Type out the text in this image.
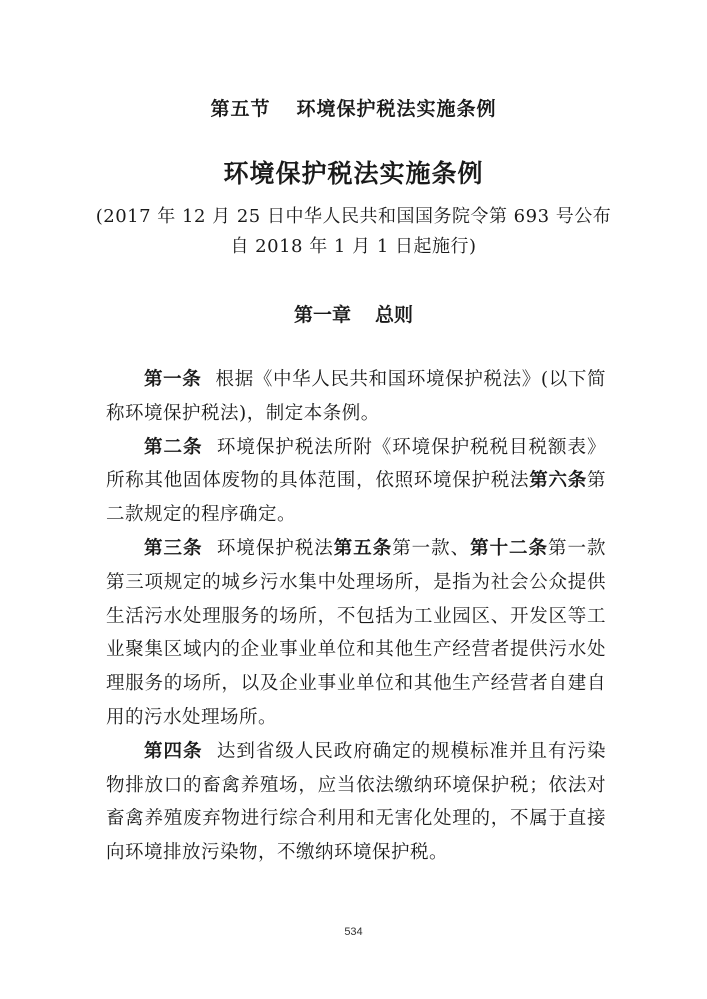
第五节 环境保护税法实施条例
环境保护税法实施条例
(2017 年 12 月 25 日中华人民共和国国务院令第 693 号公布
自 2018 年 1 月 1 日起施行)
第一章 总则

第一条 根据《中华人民共和国环境保护税法》(以下简称环境保护税法)，制定本条例。

第二条 环境保护税法所附《环境保护税税目税额表》所称其他固体废物的具体范围，依照环境保护税法第六条第二款规定的程序确定。

第三条 环境保护税法第五条第一款、第十二条第一款第三项规定的城乡污水集中处理场所，是指为社会公众提供生活污水处理服务的场所，不包括为工业园区、开发区等工业聚集区域内的企业事业单位和其他生产经营者提供污水处理服务的场所，以及企业事业单位和其他生产经营者自建自用的污水处理场所。

第四条 达到省级人民政府确定的规模标准并且有污染物排放口的畜禽养殖场，应当依法缴纳环境保护税；依法对畜禽养殖废弃物进行综合利用和无害化处理的，不属于直接向环境排放污染物，不缴纳环境保护税。

534
